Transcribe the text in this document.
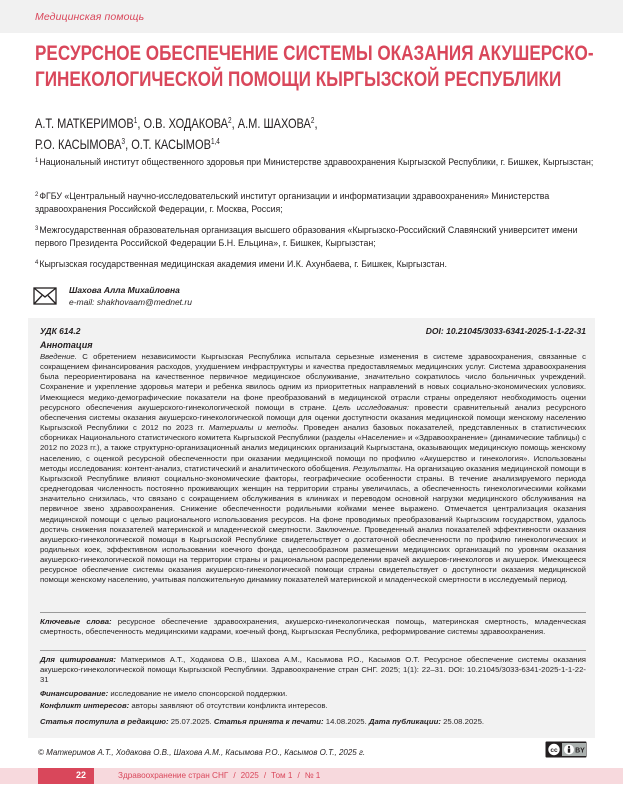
Медицинская помощь
РЕСУРСНОЕ ОБЕСПЕЧЕНИЕ СИСТЕМЫ ОКАЗАНИЯ АКУШЕРСКО-
ГИНЕКОЛОГИЧЕСКОЙ ПОМОЩИ КЫРГЫЗСКОЙ РЕСПУБЛИКИ
А.Т. МАТКЕРИМОВ$^1$, О.В. ХОДАКОВА$^2$, А.М. ШАХОВА$^2$,
Р.О. КАСЫМОВА$^3$, О.Т. КАСЫМОВ$^{1,4}$

$^1$Национальный институт общественного здоровья при Министерстве здравоохранения Кыргызской Республики, г. Бишкек, Кыргызстан;

$^2$ФГБУ «Центральный научно-исследовательский институт организации и информатизации здравоохранения» Министерства здравоохранения Российской Федерации, г. Москва, Россия;

$^3$Межгосударственная образовательная организация высшего образования «Кыргызско-Российский Славянский университет имени первого Президента Российской Федерации Б.Н. Ельцина», г. Бишкек, Кыргызстан;

$^4$Кыргызская государственная медицинская академия имени И.К. Ахунбаева, г. Бишкек, Кыргызстан.

Шахова Алла Михайловна
e-mail: shakhovaam@mednet.ru
УДК 614.2	DOI: 10.21045/3033-6341-2025-1-1-22-31
Аннотация

Введение. С обретением независимости Кыргызская Республика испытала серьезные изменения в системе здравоохранения, связанные с сокращением финансирования расходов, ухудшением инфраструктуры и качества предоставляемых медицинских услуг. Система здравоохранения была переориентирована на качественное первичное медицинское обслуживание, значительно сократилось число больничных учреждений. Сохранение и укрепление здоровья матери и ребенка явилось одним из приоритетных направлений в новых социально-экономических условиях. Имеющиеся медико-демографические показатели на фоне преобразований в медицинской отрасли страны определяют необходимость оценки ресурсного обеспечения акушерского-гинекологической помощи в стране. Цель исследования: провести сравнительный анализ ресурсного обеспечения системы оказания акушерско-гинекологической помощи для оценки доступности оказания медицинской помощи женскому населению Кыргызской Республики с 2012 по 2023 гг. Материалы и методы. Проведен анализ базовых показателей, представленных в статистических сборниках Национального статистического комитета Кыргызской Республики (разделы «Население» и «Здравоохранение» (динамические таблицы) с 2012 по 2023 гг.), а также структурно-организационный анализ медицинских организаций Кыргызстана, оказывающих медицинскую помощь женскому населению, с оценкой ресурсной обеспеченности при оказании медицинской помощи по профилю «Акушерство и гинекология». Использованы методы исследования: контент-анализ, статистический и аналитического обобщения. Результаты. На организацию оказания медицинской помощи в Кыргызской Республике влияют социально-экономические факторы, географические особенности страны. В течение анализируемого периода среднегодовая численность постоянно проживающих женщин на территории страны увеличилась, а обеспеченность гинекологическими койками значительно снизилась, что связано с сокращением обслуживания в клиниках и переводом основной нагрузки медицинского обслуживания на первичное звено здравоохранения. Снижение обеспеченности родильными койками менее выражено. Отмечается централизация оказания медицинской помощи с целью рационального использования ресурсов. На фоне проводимых преобразований Кыргызским государством, удалось достичь снижения показателей материнской и младенческой смертности. Заключение. Проведенный анализ показателей эффективности оказания акушерско-гинекологической помощи в Кыргызской Республике свидетельствует о достаточной обеспеченности по профилю гинекологических и родильных коек, эффективном использовании коечного фонда, целесообразном размещении медицинских организаций по уровням оказания акушерско-гинекологической помощи на территории страны и рациональном распределении врачей акушеров-гинекологов и акушерок. Имеющееся ресурсное обеспечение системы оказания акушерско-гинекологической помощи страны свидетельствует о доступности оказания медицинской помощи женскому населению, учитывая положительную динамику показателей материнской и младенческой смертности в исследуемый период.

Ключевые слова: ресурсное обеспечение здравоохранения, акушерско-гинекологическая помощь, материнская смертность, младенческая смертность, обеспеченность медицинскими кадрами, коечный фонд, Кыргызская Республика, реформирование системы здравоохранения.

Для цитирования: Маткеримов А.Т., Ходакова О.В., Шахова А.М., Касымова Р.О., Касымов О.Т. Ресурсное обеспечение системы оказания акушерско-гинекологической помощи Кыргызской Республики. Здравоохранение стран СНГ. 2025; 1(1): 22–31. DOI: 10.21045/3033-6341-2025-1-1-22-31

Финансирование: исследование не имело спонсорской поддержки.

Конфликт интересов: авторы заявляют об отсутствии конфликта интересов.

Статья поступила в редакцию: 25.07.2025. Статья принята к печати: 14.08.2025. Дата публикации: 25.08.2025.

© Маткеримов А.Т., Ходакова О.В., Шахова А.М., Касымова Р.О., Касымов О.Т., 2025 г.	cc	BY
22	Здравоохранение стран СНГ / 2025 / Том 1 / № 1
